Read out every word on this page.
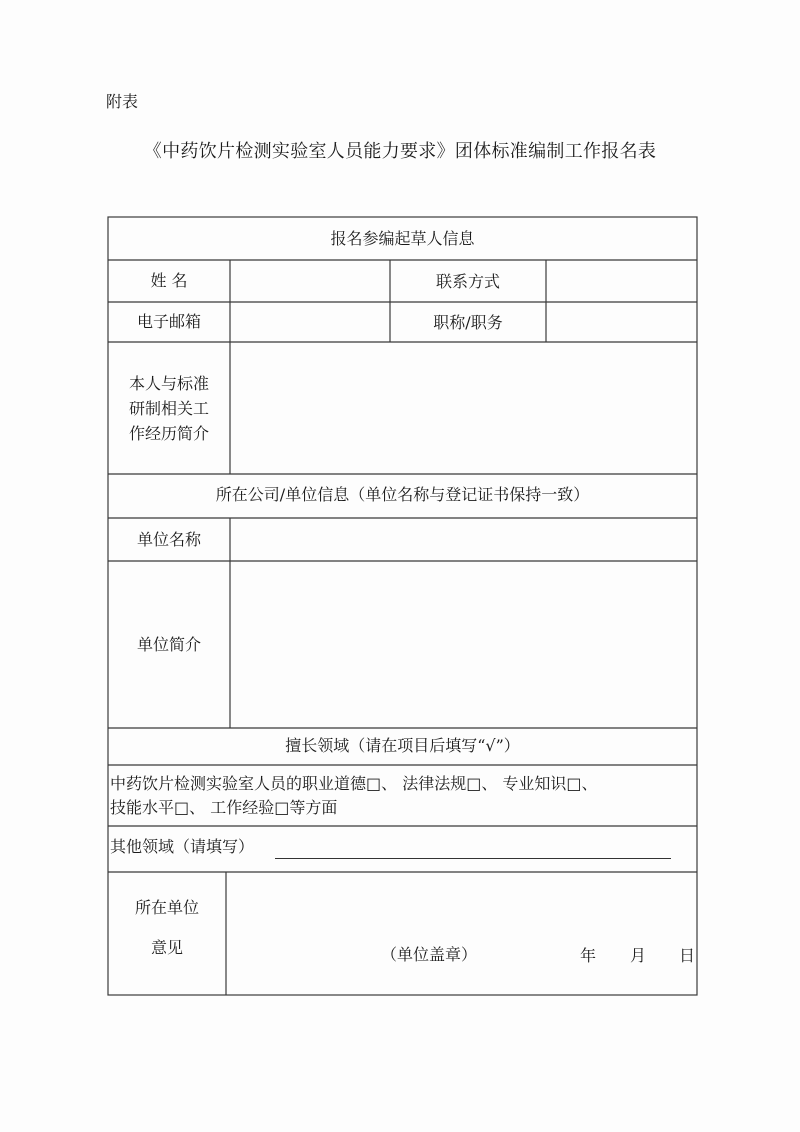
附表
《中药饮片检测实验室人员能力要求》团体标准编制工作报名表
报名参编起草人信息
姓 名	联系方式
电子邮箱	职称/职务
本人与标准
研制相关工
作经历简介
所在公司/单位信息（单位名称与登记证书保持一致）
单位名称
单位简介
擅长领域（请在项目后填写“√”）
中药饮片检测实验室人员的职业道德□、 法律法规□、 专业知识□、
技能水平□、 工作经验□等方面
其他领域（请填写）
所在单位
意见	（单位盖章）	年 月 日
